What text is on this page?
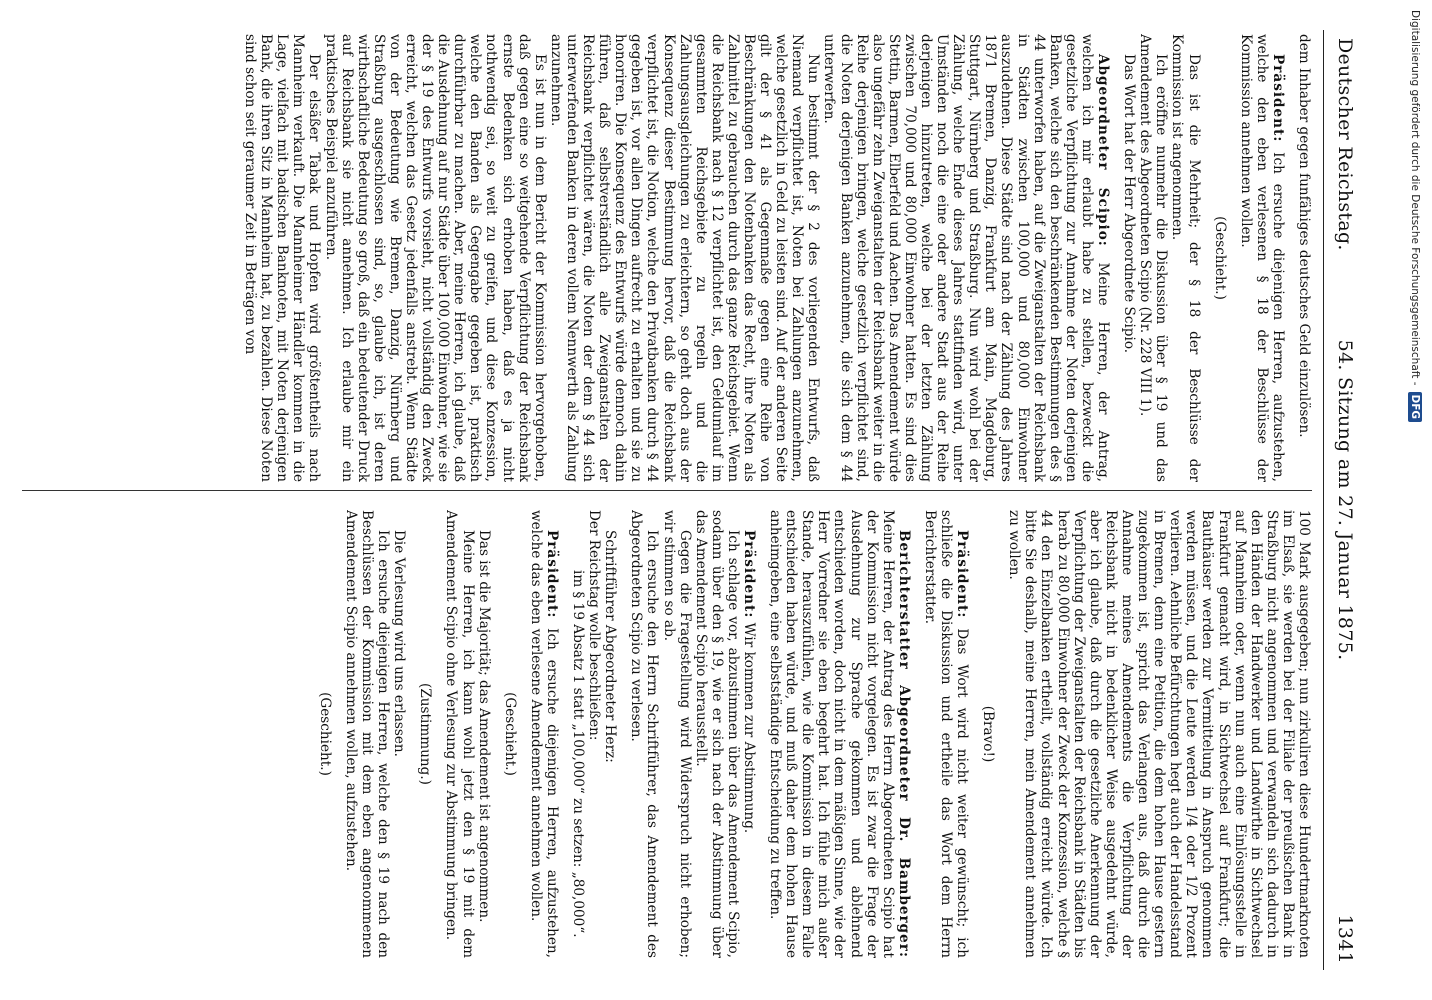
Deutscher Reichstag.
54. Sitzung am 27. Januar 1875.
1341

dem Inhaber gegen funfähiges deutsches Geld einzulösen.

Präsident: Ich ersuche diejenigen Herren, aufzustehen, welche den eben verlesenen § 18 der Beschlüsse der Kommission annehmen wollen.

(Geschieht.)

Das ist die Mehrheit; der § 18 der Beschlüsse der Kommission ist angenommen.

Ich eröffne nunmehr die Diskussion über § 19 und das Amendement des Abgeordneten Scipio (Nr. 228 VIII 1).

Das Wort hat der Herr Abgeordnete Scipio.

Abgeordneter Scipio: Meine Herren, der Antrag, welchen ich mir erlaubt habe zu stellen, bezweckt die gesetzliche Verpflichtung zur Annahme der Noten derjenigen Banken, welche sich den beschränkenden Bestimmungen des § 44 unterworfen haben, auf die Zweiganstalten der Reichsbank in Städten zwischen 100,000 und 80,000 Einwohner auszudehnen. Diese Städte sind nach der Zählung des Jahres 1871 Bremen, Danzig, Frankfurt am Main, Magdeburg, Stuttgart, Nürnberg und Straßburg. Nun wird wohl bei der Zählung, welche Ende dieses Jahres stattfinden wird, unter Umständen noch die eine oder andere Stadt aus der Reihe derjenigen hinzutreten, welche bei der letzten Zählung zwischen 70,000 und 80,000 Einwohner hatten. Es sind dies Stettin, Barmen, Elberfeld und Aachen. Das Amendement würde also ungefähr zehn Zweiganstalten der Reichsbank weiter in die Reihe derjenigen bringen, welche gesetzlich verpflichtet sind, die Noten derjenigen Banken anzunehmen, die sich dem § 44 unterwerfen.

Nun bestimmt der § 2 des vorliegenden Entwurfs, daß Niemand verpflichtet ist, Noten bei Zahlungen anzunehmen, welche gesetzlich in Geld zu leisten sind. Auf der anderen Seite gilt der § 41 als Gegenmaße gegen eine Reihe von Beschränkungen den Notenbanken das Recht, ihre Noten als Zahlmittel zu gebrauchen durch das ganze Reichsgebiet. Wenn die Reichsbank nach § 12 verpflichtet ist, den Geldumlauf im gesammten Reichsgebiete zu regeln und die Zahlungsausgleichungen zu erleichtern, so geht doch aus der Konsequenz dieser Bestimmung hervor, daß die Reichsbank verpflichtet ist, die Notion, welche den Privatbanken durch § 44 gegeben ist, vor allen Dingen aufrecht zu erhalten und sie zu honoriren. Die Konsequenz des Entwurfs würde dennoch dahin führen, daß selbstverständlich alle Zweiganstalten der Reichsbank verpflichtet wären, die Noten der dem § 44 sich unterwerfenden Banken in deren vollem Nennwerth als Zahlung anzunehmen.

Es ist nun in dem Bericht der Kommission hervorgehoben, daß gegen eine so weitgehende Verpflichtung der Reichsbank ernste Bedenken sich erhoben haben, daß es ja nicht nothwendig sei, so weit zu greifen, und diese Konzession, welche den Banden als Gegengabe gegeben ist, praktisch durchführbar zu machen. Aber, meine Herren, ich glaube, daß die Ausdehnung auf nur Städte über 100,000 Einwohner, wie sie der § 19 des Entwurfs vorsieht, nicht vollständig den Zweck erreicht, welchen das Gesetz jedenfalls anstrebt. Wenn Städte von der Bedeutung wie Bremen, Danzig, Nürnberg und Straßburg ausgeschlossen sind, so, glaube ich, ist deren wirthschaftliche Bedeutung so groß, daß ein bedeutender Druck auf Reichsbank sie nicht annehmen. Ich erlaube mir ein praktisches Beispiel anzuführen.

Der elsäßer Tabak und Hopfen wird größtentheils nach Mannheim verkauft. Die Mannheimer Händler kommen in die Lage, vielfach mit badischen Banknoten, mit Noten derjenigen Bank, die ihren Sitz in Mannheim hat, zu bezahlen. Diese Noten sind schon seit geraumer Zeit in Beträgen von

100 Mark ausgegeben; nun zirkuliren diese Hundertmarknoten im Elsaß, sie werden bei der Filiale der preußischen Bank in Straßburg nicht angenommen und verwandeln sich dadurch in den Händen der Handwerker und Landwirthe in Sichtwechsel auf Mannheim oder, wenn nun auch eine Einlösungsstelle in Frankfurt gemacht wird, in Sichtwechsel auf Frankfurt; die Bauthäuser werden zur Vermittelung in Anspruch genommen werden müssen, und die Leute werden 1/4 oder 1/2 Prozent verlieren. Aehnliche Befürchtungen hegt auch der Handelsstand in Bremen, denn eine Petition, die dem hohen Hause gestern zugekommen ist, spricht das Verlangen aus, daß durch die Annahme meines Amendements die Verpflichtung der Reichsbank nicht in bedenklicher Weise ausgedehnt würde, aber ich glaube, daß durch die gesetzliche Anerkennung der Verpflichtung der Zweiganstalten der Reichsbank in Städten bis herab zu 80,000 Einwohner der Zweck der Konzession, welche § 44 den Einzelbanken ertheilt, vollständig erreicht würde. Ich bitte Sie deshalb, meine Herren, mein Amendement annehmen zu wollen.

(Bravo!)

Präsident: Das Wort wird nicht weiter gewünscht; ich schließe die Diskussion und ertheile das Wort dem Herrn Berichterstatter.

Berichterstatter Abgeordneter Dr. Bamberger: Meine Herren, der Antrag des Herrn Abgeordneten Scipio hat der Kommission nicht vorgelegen. Es ist zwar die Frage der Ausdehnung zur Sprache gekommen und ablehnend entschieden worden, doch nicht in dem mäßigen Sinne, wie der Herr Vorredner sie eben begehrt hat. Ich fühle mich außer Stande, herauszufühlen, wie die Kommission in diesem Falle entschieden haben würde, und muß daher dem hohen Hause anheimgeben, eine selbstständige Entscheidung zu treffen.

Präsident: Wir kommen zur Abstimmung.

Ich schlage vor, abzustimmen über das Amendement Scipio, sodann über den § 19, wie er sich nach der Abstimmung über das Amendement Scipio herausstellt.

Gegen die Fragestellung wird Widerspruch nicht erhoben; wir stimmen so ab.

Ich ersuche den Herrn Schriftführer, das Amendement des Abgeordneten Scipio zu verlesen.

Schriftführer Abgeordneter Herz:

Der Reichstag wolle beschließen:

im § 19 Absatz 1 statt „100,000“ zu setzen: „80,000“.

Präsident: Ich ersuche diejenigen Herren, aufzustehen, welche das eben verlesene Amendement annehmen wollen.

(Geschieht.)

Das ist die Majorität; das Amendement ist angenommen.

Meine Herren, ich kann wohl jetzt den § 19 mit dem Amendement Scipio ohne Verlesung zur Abstimmung bringen.

(Zustimmung.)

Die Verlesung wird uns erlassen.

Ich ersuche diejenigen Herren, welche den § 19 nach den Beschlüssen der Kommission mit dem eben angenommenen Amendement Scipio annehmen wollen, aufzustehen.

(Geschieht.)

Digitalisierung gefördert durch die Deutsche Forschungsgemeinschaft -DFG
